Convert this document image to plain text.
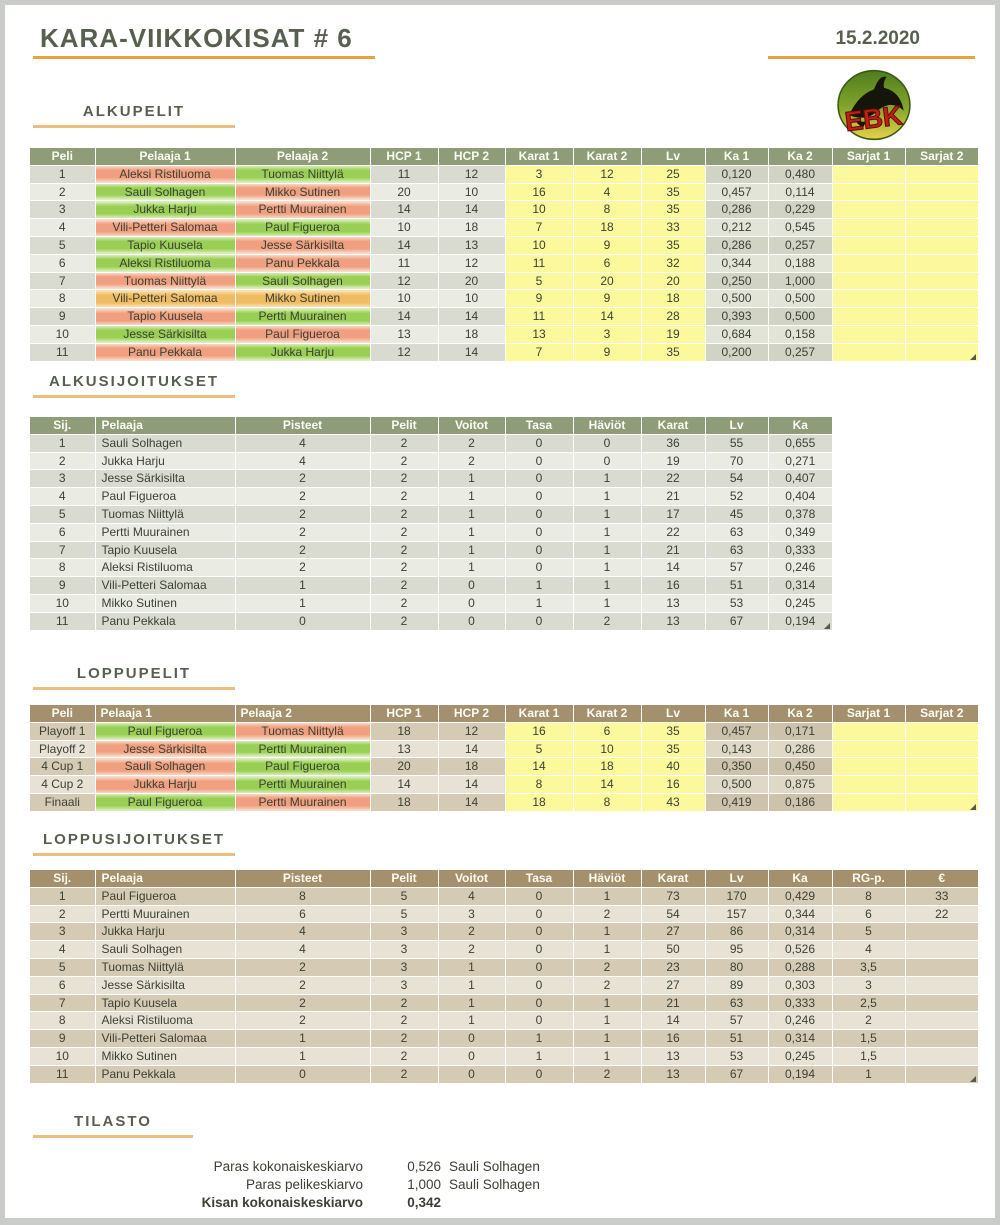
KARA-VIIKKOKISAT # 6	15.2.2020
EBK
ALKUPELIT
Peli	Pelaaja 1	Pelaaja 2	HCP 1	HCP 2	Karat 1	Karat 2	Lv	Ka 1	Ka 2	Sarjat 1	Sarjat 2
1	Aleksi Ristiluoma	Tuomas Niittylä	11	12	3	12	25	0,120	0,480		
2	Sauli Solhagen	Mikko Sutinen	20	10	16	4	35	0,457	0,114		
3	Jukka Harju	Pertti Muurainen	14	14	10	8	35	0,286	0,229		
4	Vili-Petteri Salomaa	Paul Figueroa	10	18	7	18	33	0,212	0,545		
5	Tapio Kuusela	Jesse Särkisilta	14	13	10	9	35	0,286	0,257		
6	Aleksi Ristiluoma	Panu Pekkala	11	12	11	6	32	0,344	0,188		
7	Tuomas Niittylä	Sauli Solhagen	12	20	5	20	20	0,250	1,000		
8	Vili-Petteri Salomaa	Mikko Sutinen	10	10	9	9	18	0,500	0,500		
9	Tapio Kuusela	Pertti Muurainen	14	14	11	14	28	0,393	0,500		
10	Jesse Särkisilta	Paul Figueroa	13	18	13	3	19	0,684	0,158		
11	Panu Pekkala	Jukka Harju	12	14	7	9	35	0,200	0,257		
ALKUSIJOITUKSET
Sij.	Pelaaja	Pisteet	Pelit	Voitot	Tasa	Häviöt	Karat	Lv	Ka
1	Sauli Solhagen	4	2	2	0	0	36	55	0,655
2	Jukka Harju	4	2	2	0	0	19	70	0,271
3	Jesse Särkisilta	2	2	1	0	1	22	54	0,407
4	Paul Figueroa	2	2	1	0	1	21	52	0,404
5	Tuomas Niittylä	2	2	1	0	1	17	45	0,378
6	Pertti Muurainen	2	2	1	0	1	22	63	0,349
7	Tapio Kuusela	2	2	1	0	1	21	63	0,333
8	Aleksi Ristiluoma	2	2	1	0	1	14	57	0,246
9	Vili-Petteri Salomaa	1	2	0	1	1	16	51	0,314
10	Mikko Sutinen	1	2	0	1	1	13	53	0,245
11	Panu Pekkala	0	2	0	0	2	13	67	0,194
LOPPUPELIT
Peli	Pelaaja 1	Pelaaja 2	HCP 1	HCP 2	Karat 1	Karat 2	Lv	Ka 1	Ka 2	Sarjat 1	Sarjat 2
Playoff 1	Paul Figueroa	Tuomas Niittylä	18	12	16	6	35	0,457	0,171		
Playoff 2	Jesse Särkisilta	Pertti Muurainen	13	14	5	10	35	0,143	0,286		
4 Cup 1	Sauli Solhagen	Paul Figueroa	20	18	14	18	40	0,350	0,450		
4 Cup 2	Jukka Harju	Pertti Muurainen	14	14	8	14	16	0,500	0,875		
Finaali	Paul Figueroa	Pertti Muurainen	18	14	18	8	43	0,419	0,186		
LOPPUSIJOITUKSET
Sij.	Pelaaja	Pisteet	Pelit	Voitot	Tasa	Häviöt	Karat	Lv	Ka	RG-p.	€
1	Paul Figueroa	8	5	4	0	1	73	170	0,429	8	33
2	Pertti Muurainen	6	5	3	0	2	54	157	0,344	6	22
3	Jukka Harju	4	3	2	0	1	27	86	0,314	5	
4	Sauli Solhagen	4	3	2	0	1	50	95	0,526	4	
5	Tuomas Niittylä	2	3	1	0	2	23	80	0,288	3,5	
6	Jesse Särkisilta	2	3	1	0	2	27	89	0,303	3	
7	Tapio Kuusela	2	2	1	0	1	21	63	0,333	2,5	
8	Aleksi Ristiluoma	2	2	1	0	1	14	57	0,246	2	
9	Vili-Petteri Salomaa	1	2	0	1	1	16	51	0,314	1,5	
10	Mikko Sutinen	1	2	0	1	1	13	53	0,245	1,5	
11	Panu Pekkala	0	2	0	0	2	13	67	0,194	1	
TILASTO
Paras kokonaiskeskiarvo	0,526 Sauli Solhagen
Paras pelikeskiarvo	1,000 Sauli Solhagen
Kisan kokonaiskeskiarvo	0,342
